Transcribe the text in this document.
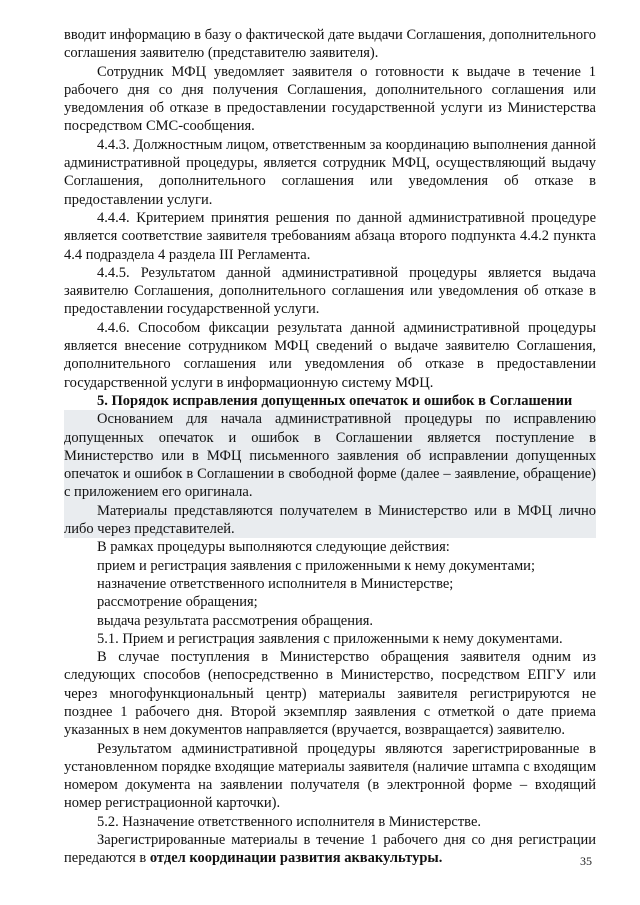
вводит информацию в базу о фактической дате выдачи Соглашения, дополнительного соглашения заявителю (представителю заявителя).

Сотрудник МФЦ уведомляет заявителя о готовности к выдаче в течение 1 рабочего дня со дня получения Соглашения, дополнительного соглашения или уведомления об отказе в предоставлении государственной услуги из Министерства посредством СМС-сообщения.

4.4.3. Должностным лицом, ответственным за координацию выполнения данной административной процедуры, является сотрудник МФЦ, осуществляющий выдачу Соглашения, дополнительного соглашения или уведомления об отказе в предоставлении услуги.

4.4.4. Критерием принятия решения по данной административной процедуре является соответствие заявителя требованиям абзаца второго подпункта 4.4.2 пункта 4.4 подраздела 4 раздела III Регламента.

4.4.5. Результатом данной административной процедуры является выдача заявителю Соглашения, дополнительного соглашения или уведомления об отказе в предоставлении государственной услуги.

4.4.6. Способом фиксации результата данной административной процедуры является внесение сотрудником МФЦ сведений о выдаче заявителю Соглашения, дополнительного соглашения или уведомления об отказе в предоставлении государственной услуги в информационную систему МФЦ.

5. Порядок исправления допущенных опечаток и ошибок в Соглашении

Основанием для начала административной процедуры по исправлению допущенных опечаток и ошибок в Соглашении является поступление в Министерство или в МФЦ письменного заявления об исправлении допущенных опечаток и ошибок в Соглашении в свободной форме (далее – заявление, обращение) с приложением его оригинала.

Материалы представляются получателем в Министерство или в МФЦ лично либо через представителей.

В рамках процедуры выполняются следующие действия:

прием и регистрация заявления с приложенными к нему документами;

назначение ответственного исполнителя в Министерстве;

рассмотрение обращения;

выдача результата рассмотрения обращения.

5.1. Прием и регистрация заявления с приложенными к нему документами.

В случае поступления в Министерство обращения заявителя одним из следующих способов (непосредственно в Министерство, посредством ЕПГУ или через многофункциональный центр) материалы заявителя регистрируются не позднее 1 рабочего дня. Второй экземпляр заявления с отметкой о дате приема указанных в нем документов направляется (вручается, возвращается) заявителю.

Результатом административной процедуры являются зарегистрированные в установленном порядке входящие материалы заявителя (наличие штампа с входящим номером документа на заявлении получателя (в электронной форме – входящий номер регистрационной карточки).

5.2. Назначение ответственного исполнителя в Министерстве.

Зарегистрированные материалы в течение 1 рабочего дня со дня регистрации передаются в отдел координации развития аквакультуры.	35
